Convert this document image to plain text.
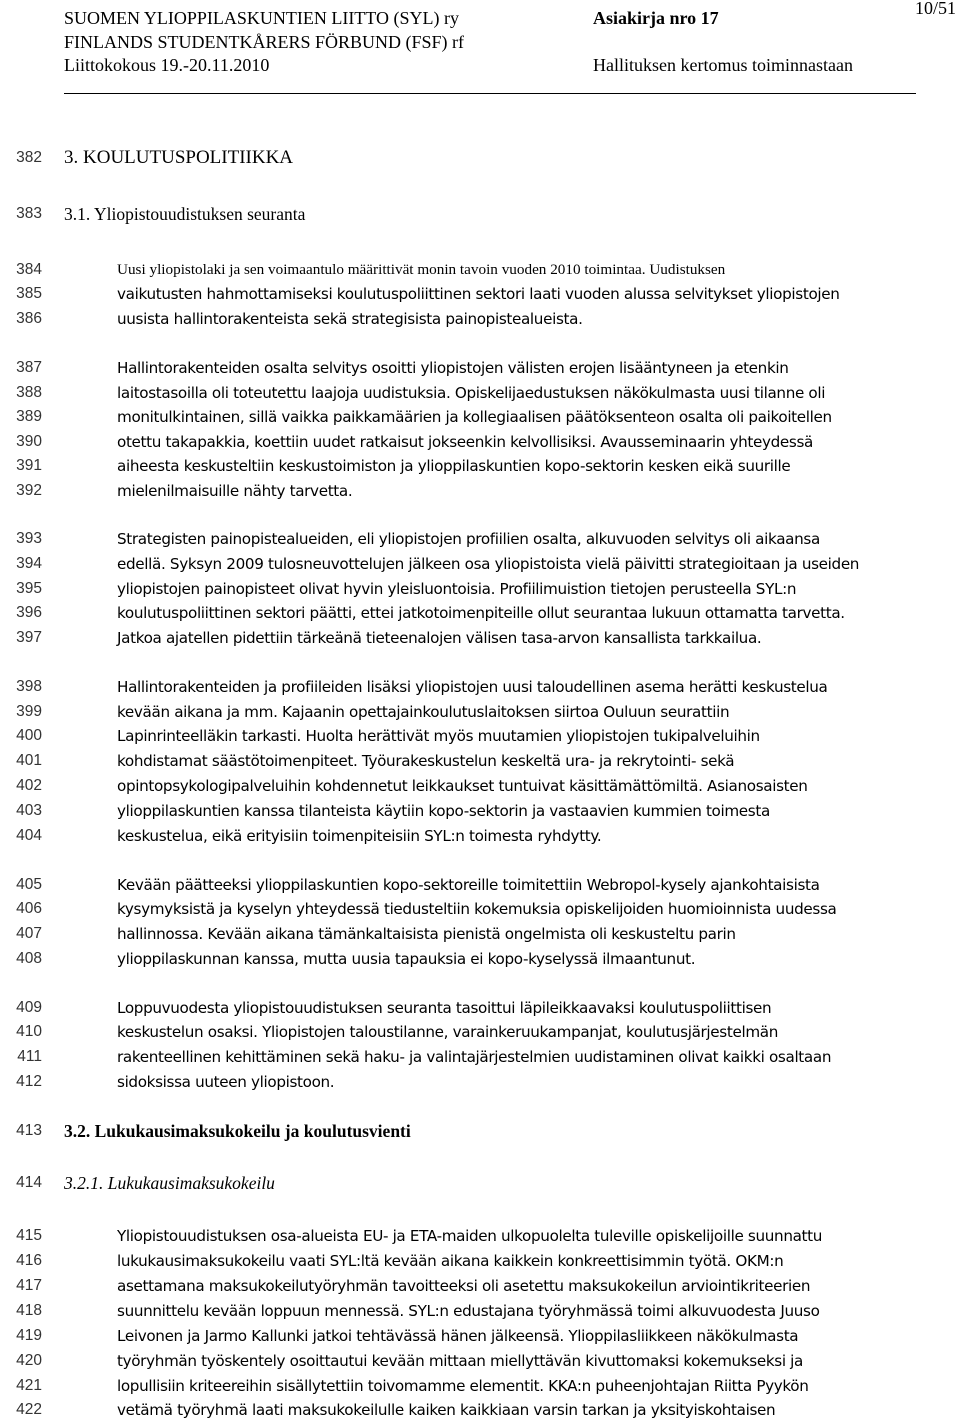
SUOMEN YLIOPPILASKUNTIEN LIITTO (SYL) ry
FINLANDS STUDENTKÅRERS FÖRBUND (FSF) rf
Liittokokous 19.-20.11.2010
Asiakirja nro 17

Hallituksen kertomus toiminnastaan
10/51
382 3. KOULUTUSPOLITIIKKA
383 3.1. Yliopistouudistuksen seuranta
384	Uusi yliopistolaki ja sen voimaantulo määrittivät monin tavoin vuoden 2010 toimintaa. Uudistuksen
385	vaikutusten hahmottamiseksi koulutuspoliittinen sektori laati vuoden alussa selvitykset yliopistojen
386	uusista hallintorakenteista sekä strategisista painopistealueista.
387	Hallintorakenteiden osalta selvitys osoitti yliopistojen välisten erojen lisääntyneen ja etenkin
388	laitostasoilla oli toteutettu laajoja uudistuksia. Opiskelijaedustuksen näkökulmasta uusi tilanne oli
389	monitulkintainen, sillä vaikka paikkamäärien ja kollegiaalisen päätöksenteon osalta oli paikoitellen
390	otettu takapakkia, koettiin uudet ratkaisut jokseenkin kelvollisiksi. Avausseminaarin yhteydessä
391	aiheesta keskusteltiin keskustoimiston ja ylioppilaskuntien kopo-sektorin kesken eikä suurille
392	mielenilmaisuille nähty tarvetta.
393	Strategisten painopistealueiden, eli yliopistojen profiilien osalta, alkuvuoden selvitys oli aikaansa
394	edellä. Syksyn 2009 tulosneuvottelujen jälkeen osa yliopistoista vielä päivitti strategioitaan ja useiden
395	yliopistojen painopisteet olivat hyvin yleisluontoisia. Profiilimuistion tietojen perusteella SYL:n
396	koulutuspoliittinen sektori päätti, ettei jatkotoimenpiteille ollut seurantaa lukuun ottamatta tarvetta.
397	Jatkoa ajatellen pidettiin tärkeänä tieteenalojen välisen tasa-arvon kansallista tarkkailua.
398	Hallintorakenteiden ja profiileiden lisäksi yliopistojen uusi taloudellinen asema herätti keskustelua
399	kevään aikana ja mm. Kajaanin opettajainkoulutuslaitoksen siirtoa Ouluun seurattiin
400	Lapinrinteelläkin tarkasti. Huolta herättivät myös muutamien yliopistojen tukipalveluihin
401	kohdistamat säästötoimenpiteet. Työurakeskustelun keskeltä ura- ja rekrytointi- sekä
402	opintopsykologipalveluihin kohdennetut leikkaukset tuntuivat käsittämättömiltä. Asianosaisten
403	ylioppilaskuntien kanssa tilanteista käytiin kopo-sektorin ja vastaavien kummien toimesta
404	keskustelua, eikä erityisiin toimenpiteisiin SYL:n toimesta ryhdytty.
405	Kevään päätteeksi ylioppilaskuntien kopo-sektoreille toimitettiin Webropol-kysely ajankohtaisista
406	kysymyksistä ja kyselyn yhteydessä tiedusteltiin kokemuksia opiskelijoiden huomioinnista uudessa
407	hallinnossa. Kevään aikana tämänkaltaisista pienistä ongelmista oli keskusteltu parin
408	ylioppilaskunnan kanssa, mutta uusia tapauksia ei kopo-kyselyssä ilmaantunut.
409	Loppuvuodesta yliopistouudistuksen seuranta tasoittui läpileikkaavaksi koulutuspoliittisen
410	keskustelun osaksi. Yliopistojen taloustilanne, varainkeruukampanjat, koulutusjärjestelmän
411	rakenteellinen kehittäminen sekä haku- ja valintajärjestelmien uudistaminen olivat kaikki osaltaan
412	sidoksissa uuteen yliopistoon.
413 3.2. Lukukausimaksukokeilu ja koulutusvienti
414 3.2.1. Lukukausimaksukokeilu
415	Yliopistouudistuksen osa-alueista EU- ja ETA-maiden ulkopuolelta tuleville opiskelijoille suunnattu
416	lukukausimaksukokeilu vaati SYL:ltä kevään aikana kaikkein konkreettisimmin työtä. OKM:n
417	asettamana maksukokeilutyöryhmän tavoitteeksi oli asetettu maksukokeilun arviointikriteerien
418	suunnittelu kevään loppuun mennessä. SYL:n edustajana työryhmässä toimi alkuvuodesta Juuso
419	Leivonen ja Jarmo Kallunki jatkoi tehtävässä hänen jälkeensä. Ylioppilasliikkeen näkökulmasta
420	työryhmän työskentely osoittautui kevään mittaan miellyttävän kivuttomaksi kokemukseksi ja
421	lopullisiin kriteereihin sisällytettiin toivomamme elementit. KKA:n puheenjohtajan Riitta Pyykön
422	vetämä työryhmä laati maksukokeilulle kaiken kaikkiaan varsin tarkan ja yksityiskohtaisen
